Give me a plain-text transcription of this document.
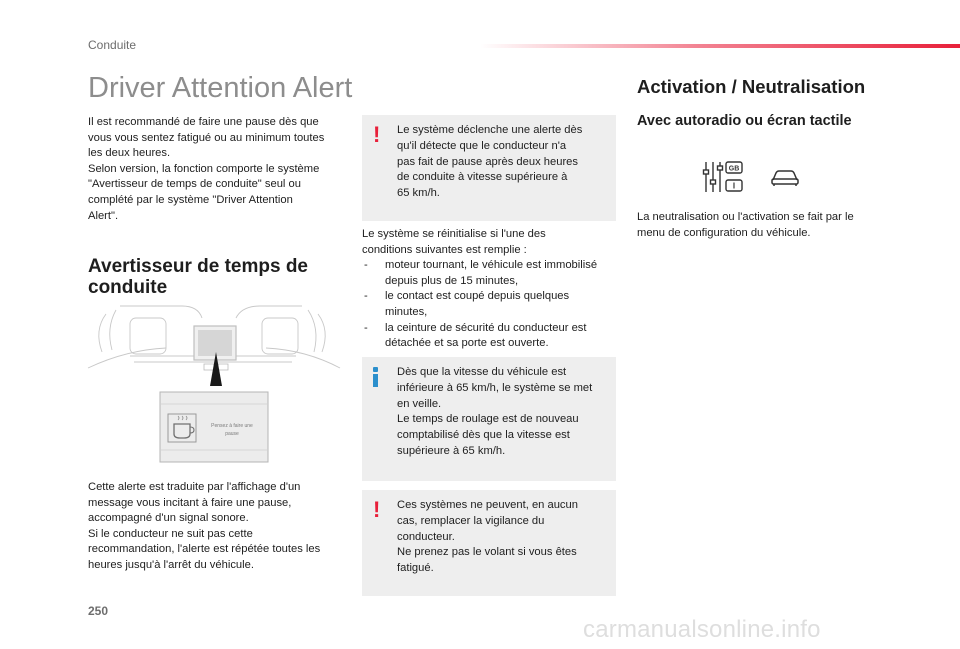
Conduite
Driver Attention Alert
Il est recommandé de faire une pause dès que
vous vous sentez fatigué ou au minimum toutes
les deux heures.
Selon version, la fonction comporte le système
"Avertisseur de temps de conduite" seul ou
complété par le système "Driver Attention
Alert".
Avertisseur de temps de
conduite
Pensez à faire une
pause
Cette alerte est traduite par l'affichage d'un
message vous incitant à faire une pause,
accompagné d'un signal sonore.
Si le conducteur ne suit pas cette
recommandation, l'alerte est répétée toutes les
heures jusqu'à l'arrêt du véhicule.
! Le système déclenche une alerte dès
qu'il détecte que le conducteur n'a
pas fait de pause après deux heures
de conduite à vitesse supérieure à
65 km/h.
Le système se réinitialise si l'une des
conditions suivantes est remplie :
- moteur tournant, le véhicule est immobilisé
depuis plus de 15 minutes,
- le contact est coupé depuis quelques
minutes,
- la ceinture de sécurité du conducteur est
détachée et sa porte est ouverte.
Dès que la vitesse du véhicule est
inférieure à 65 km/h, le système se met
en veille.
Le temps de roulage est de nouveau
comptabilisé dès que la vitesse est
supérieure à 65 km/h.
! Ces systèmes ne peuvent, en aucun
cas, remplacer la vigilance du
conducteur.
Ne prenez pas le volant si vous êtes
fatigué.
Activation / Neutralisation
Avec autoradio ou écran tactile
GB
I
La neutralisation ou l'activation se fait par le
menu de configuration du véhicule.
250
carmanualsonline.info
